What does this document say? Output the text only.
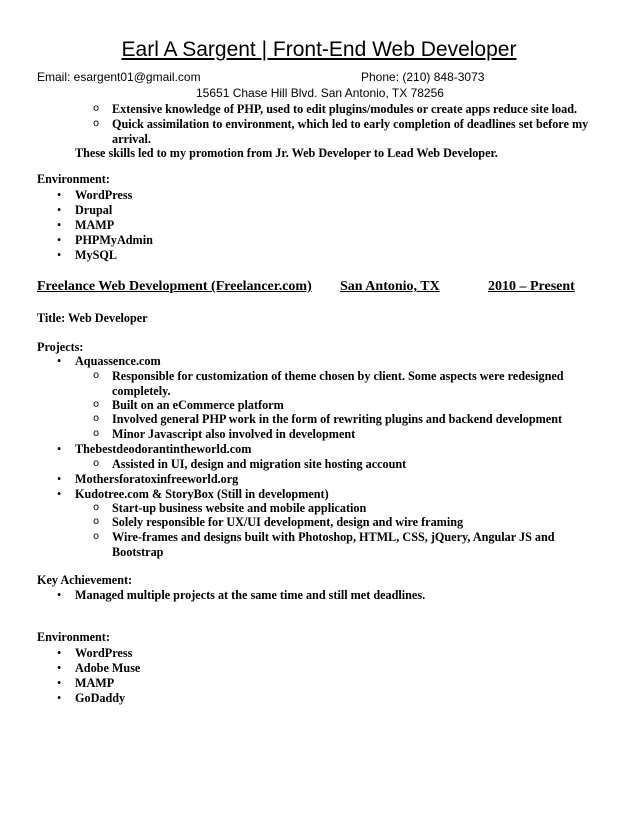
Earl A Sargent | Front-End Web Developer
Email: esargent01@gmail.com	Phone: (210) 848-3073
15651 Chase Hill Blvd. San Antonio, TX 78256
o Extensive knowledge of PHP, used to edit plugins/modules or create apps reduce site load.
o Quick assimilation to environment, which led to early completion of deadlines set before my arrival.
These skills led to my promotion from Jr. Web Developer to Lead Web Developer.
Environment:
• WordPress
• Drupal
• MAMP
• PHPMyAdmin
• MySQL
Freelance Web Development (Freelancer.com) San Antonio, TX	2010 – Present
Title: Web Developer
Projects:
• Aquassence.com
o Responsible for customization of theme chosen by client. Some aspects were redesigned completely.
o Built on an eCommerce platform
o Involved general PHP work in the form of rewriting plugins and backend development
o Minor Javascript also involved in development
• Thebestdeodorantintheworld.com
o Assisted in UI, design and migration site hosting account
• Mothersforatoxinfreeworld.org
• Kudotree.com & StoryBox (Still in development)
o Start-up business website and mobile application
o Solely responsible for UX/UI development, design and wire framing
o Wire-frames and designs built with Photoshop, HTML, CSS, jQuery, Angular JS and Bootstrap
Key Achievement:
• Managed multiple projects at the same time and still met deadlines.
Environment:
• WordPress
• Adobe Muse
• MAMP
• GoDaddy
